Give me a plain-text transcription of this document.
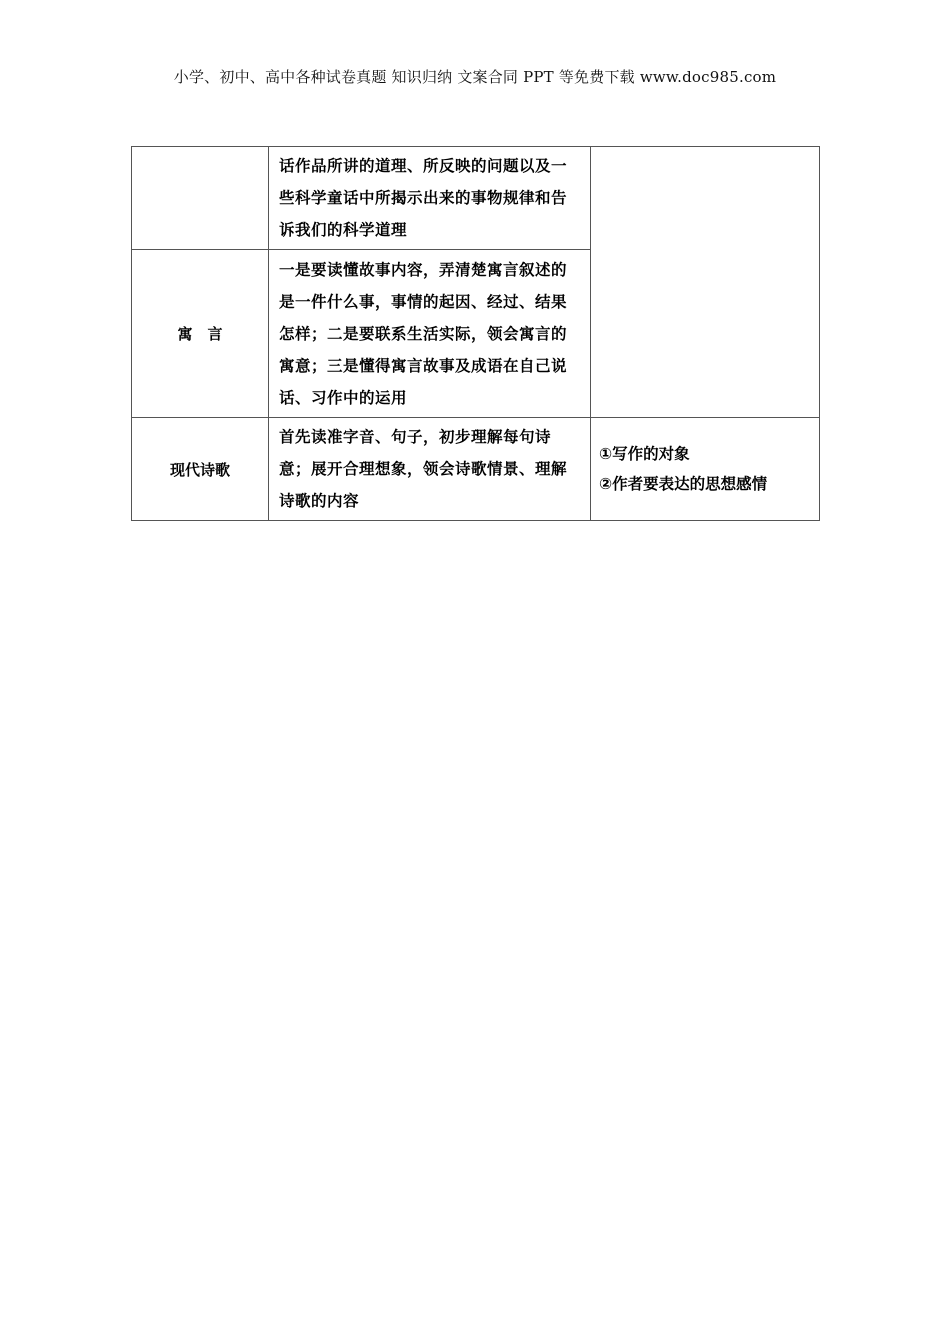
小学、初中、高中各种试卷真题 知识归纳 文案合同 PPT 等免费下载 www.doc985.com
	话作品所讲的道理、所反映的问题以及一些科学童话中所揭示出来的事物规律和告诉我们的科学道理	
寓　言	一是要读懂故事内容，弄清楚寓言叙述的是一件什么事，事情的起因、经过、结果怎样；二是要联系生活实际，领会寓言的寓意；三是懂得寓言故事及成语在自己说话、习作中的运用	
现代诗歌	首先读准字音、句子，初步理解每句诗意；展开合理想象，领会诗歌情景、理解诗歌的内容	①写作的对象
②作者要表达的思想感情
